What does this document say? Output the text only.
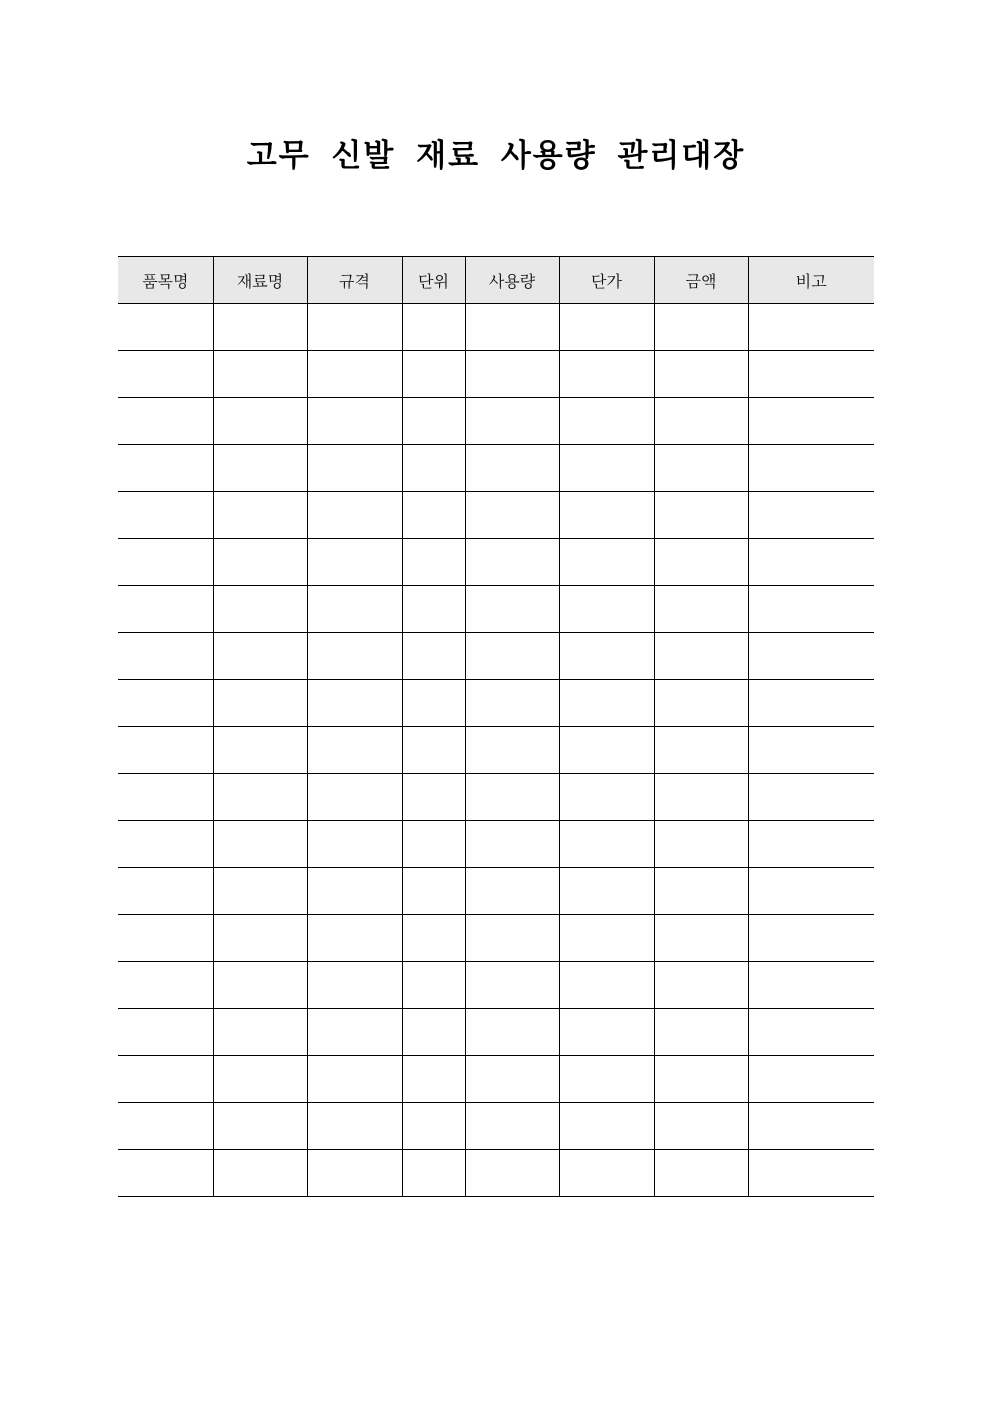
고무 신발 재료 사용량 관리대장
품목명	재료명	규격	단위	사용량	단가	금액	비고
